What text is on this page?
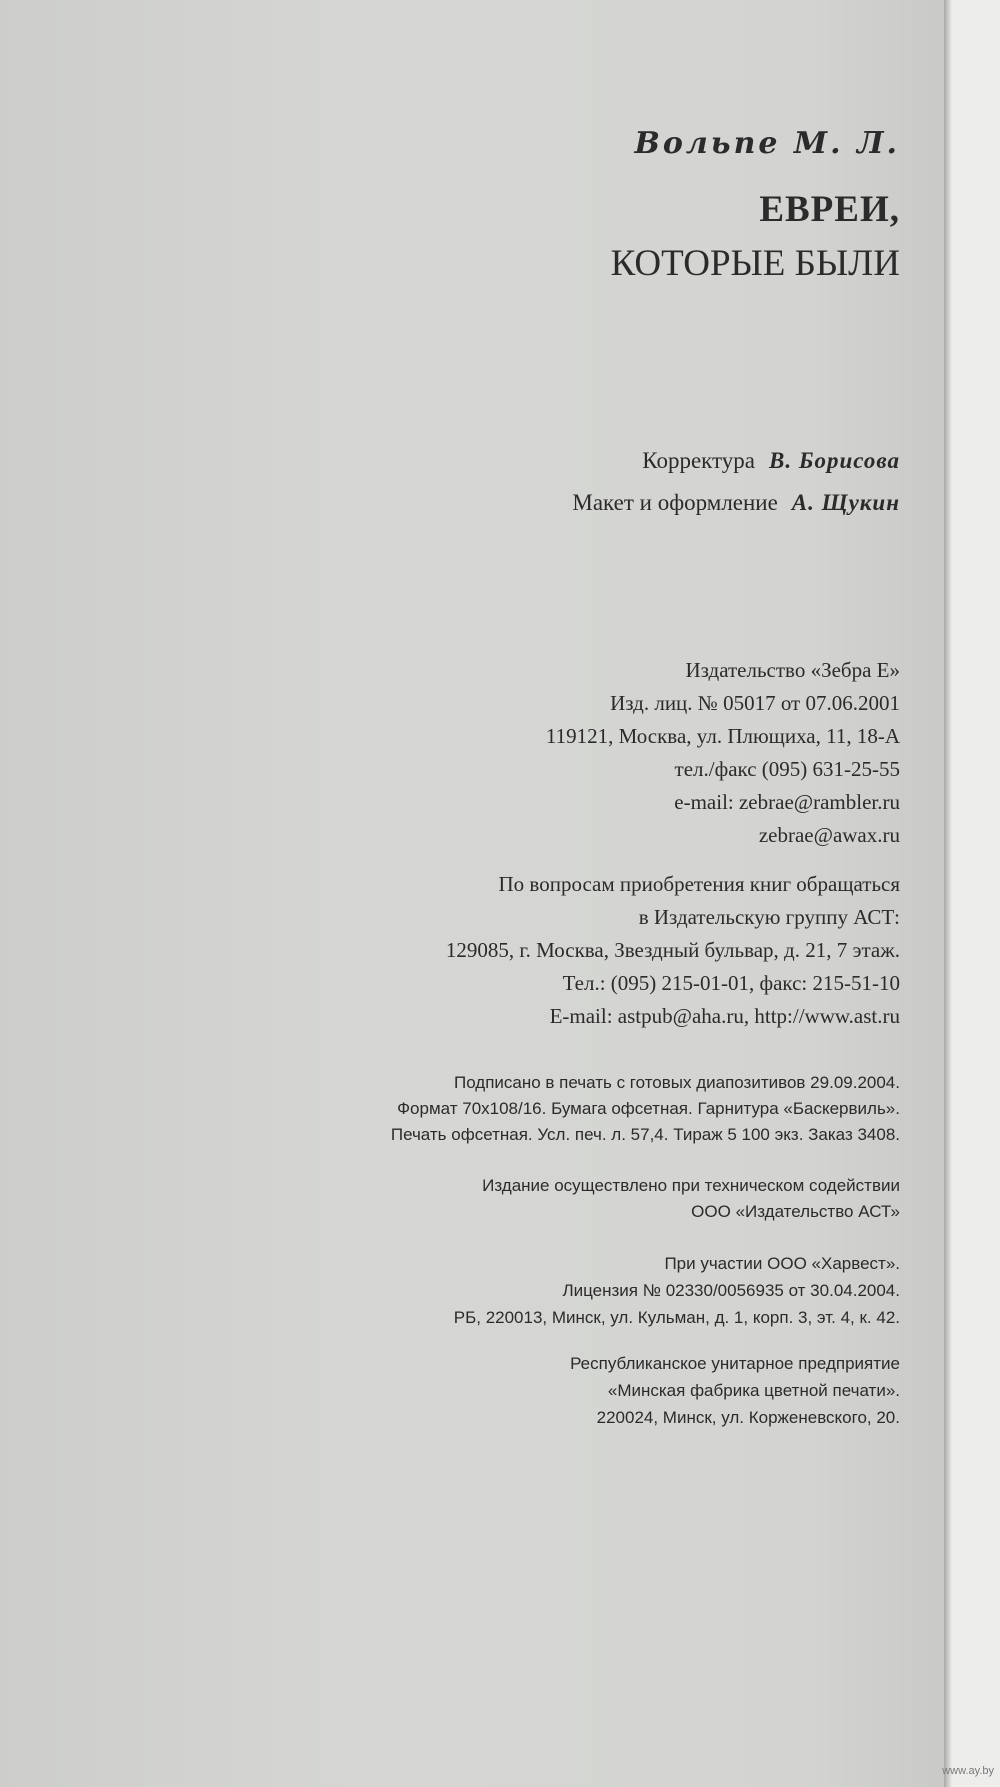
Вольпе М. Л.
ЕВРЕИ,
КОТОРЫЕ БЫЛИ
Корректура В. Борисова
Макет и оформление А. Щукин
Издательство «Зебра Е»
Изд. лиц. № 05017 от 07.06.2001
119121, Москва, ул. Плющиха, 11, 18-А
тел./факс (095) 631-25-55
e-mail: zebrae@rambler.ru
zebrae@awax.ru
По вопросам приобретения книг обращаться
в Издательскую группу АСТ:
129085, г. Москва, Звездный бульвар, д. 21, 7 этаж.
Тел.: (095) 215-01-01, факс: 215-51-10
E-mail: astpub@aha.ru, http://www.ast.ru
Подписано в печать с готовых диапозитивов 29.09.2004.
Формат 70x108/16. Бумага офсетная. Гарнитура «Баскервиль».
Печать офсетная. Усл. печ. л. 57,4. Тираж 5 100 экз. Заказ 3408.
Издание осуществлено при техническом содействии
ООО «Издательство АСТ»
При участии ООО «Харвест».
Лицензия № 02330/0056935 от 30.04.2004.
РБ, 220013, Минск, ул. Кульман, д. 1, корп. 3, эт. 4, к. 42.
Республиканское унитарное предприятие
«Минская фабрика цветной печати».
220024, Минск, ул. Корженевского, 20.
www.ay.by
